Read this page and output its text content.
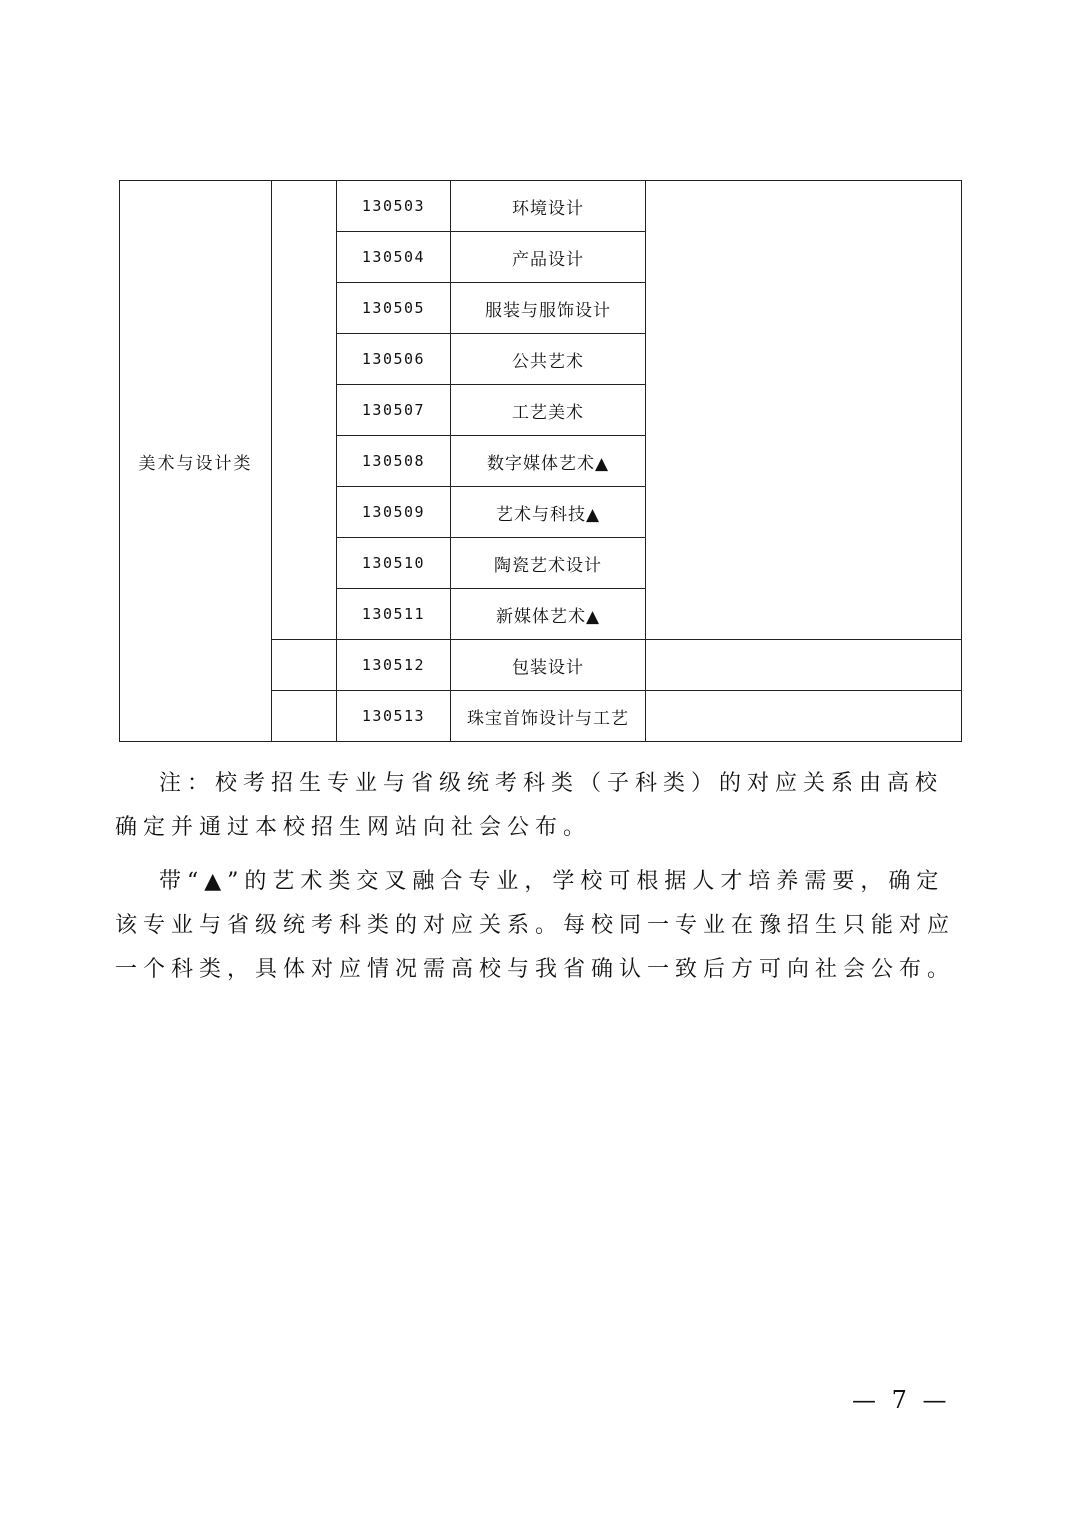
美术与设计类		130503	环境设计	
		130504	产品设计	
		130505	服装与服饰设计	
		130506	公共艺术	
		130507	工艺美术	
		130508	数字媒体艺术▲	
		130509	艺术与科技▲	
		130510	陶瓷艺术设计	
		130511	新媒体艺术▲	
		130512	包装设计	
		130513	珠宝首饰设计与工艺	

注：校考招生专业与省级统考科类（子科类）的对应关系由高校确定并通过本校招生网站向社会公布。

带“▲”的艺术类交叉融合专业，学校可根据人才培养需要，确定该专业与省级统考科类的对应关系。每校同一专业在豫招生只能对应一个科类，具体对应情况需高校与我省确认一致后方可向社会公布。

— 7 —
